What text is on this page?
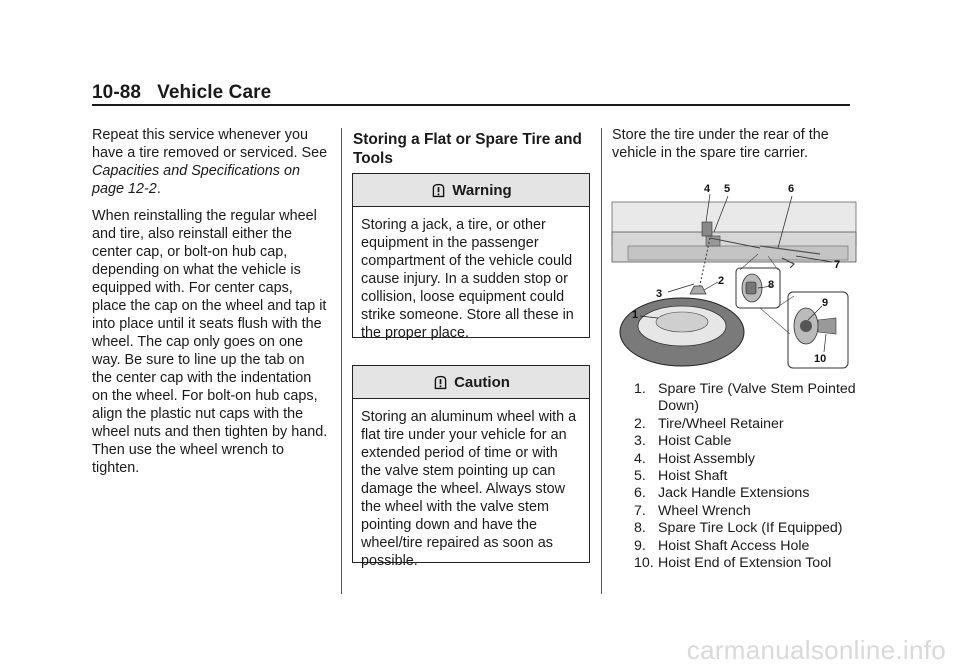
10-88 Vehicle Care

Repeat this service whenever you have a tire removed or serviced. See Capacities and Specifications on page 12-2.

When reinstalling the regular wheel and tire, also reinstall either the center cap, or bolt-on hub cap, depending on what the vehicle is equipped with. For center caps, place the cap on the wheel and tap it into place until it seats flush with the wheel. The cap only goes on one way. Be sure to line up the tab on the center cap with the indentation on the wheel. For bolt-on hub caps, align the plastic nut caps with the wheel nuts and then tighten by hand. Then use the wheel wrench to tighten.

Storing a Flat or Spare Tire and Tools
Warning
Storing a jack, a tire, or other equipment in the passenger compartment of the vehicle could cause injury. In a sudden stop or collision, loose equipment could strike someone. Store all these in the proper place.
Caution
Storing an aluminum wheel with a flat tire under your vehicle for an extended period of time or with the valve stem pointing up can damage the wheel. Always stow the wheel with the valve stem pointing down and have the wheel/tire repaired as soon as possible.
Store the tire under the rear of the vehicle in the spare tire carrier.
1
2
3
4 5	6
7
8
9
10
1. Spare Tire (Valve Stem Pointed Down)
2. Tire/Wheel Retainer
3. Hoist Cable
4. Hoist Assembly
5. Hoist Shaft
6. Jack Handle Extensions
7. Wheel Wrench
8. Spare Tire Lock (If Equipped)
9. Hoist Shaft Access Hole
10. Hoist End of Extension Tool
carmanualsonline.info
